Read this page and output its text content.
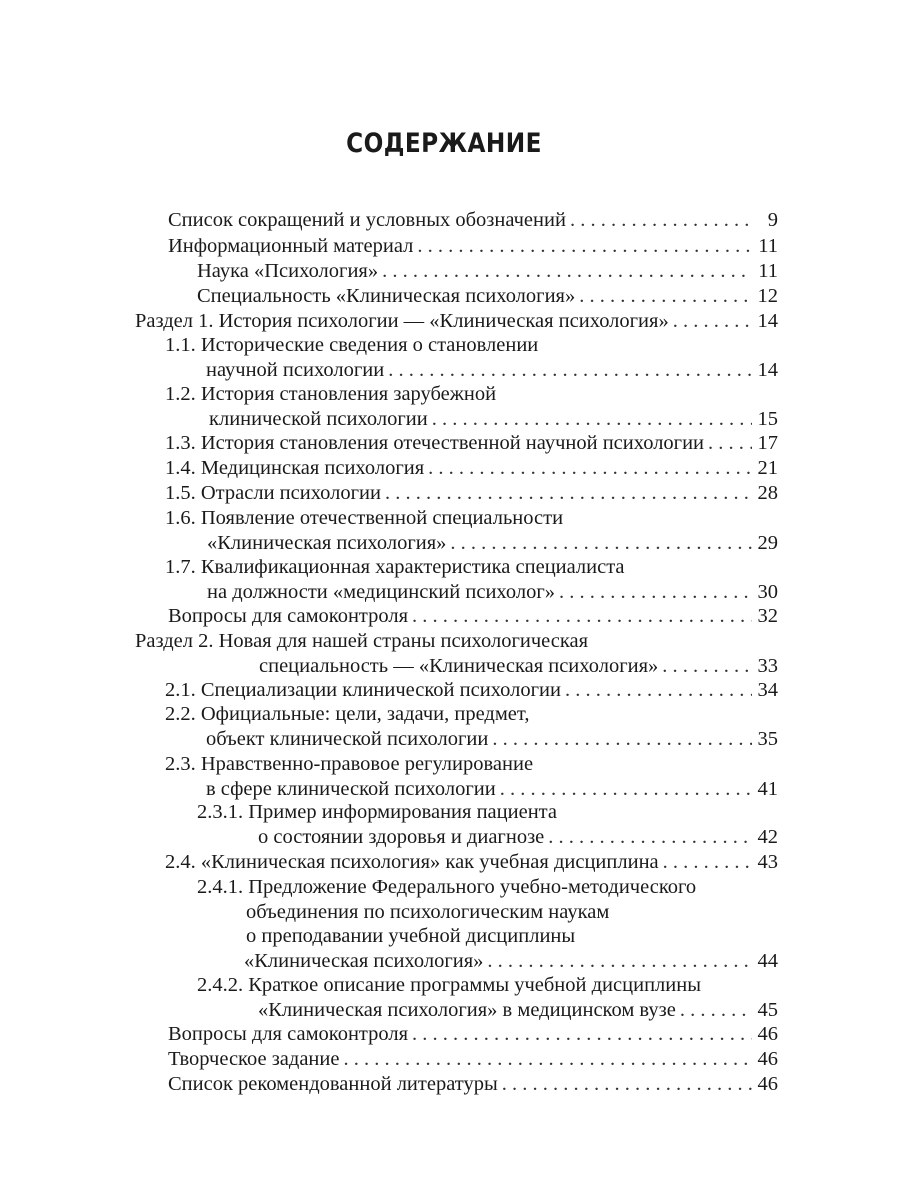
СОДЕРЖАНИЕ
Список сокращений и условных обозначений . . .	9
Информационный материал . . .	11
Наука «Психология» . . .	11
Специальность «Клиническая психология» . . .	12
Раздел 1. История психологии — «Клиническая психология» . . .	14
1.1. Исторические сведения о становлении
научной психологии . . .	14
1.2. История становления зарубежной
клинической психологии . . .	15
1.3. История становления отечественной научной психологии . . .	17
1.4. Медицинская психология . . .	21
1.5. Отрасли психологии . . .	28
1.6. Появление отечественной специальности
«Клиническая психология» . . .	29
1.7. Квалификационная характеристика специалиста
на должности «медицинский психолог» . . .	30
Вопросы для самоконтроля . . .	32
Раздел 2. Новая для нашей страны психологическая
специальность — «Клиническая психология» . . .	33
2.1. Специализации клинической психологии . . .	34
2.2. Официальные: цели, задачи, предмет,
объект клинической психологии . . .	35
2.3. Нравственно-правовое регулирование
в сфере клинической психологии . . .	41
2.3.1. Пример информирования пациента
о состоянии здоровья и диагнозе . . .	42
2.4. «Клиническая психология» как учебная дисциплина . . .	43
2.4.1. Предложение Федерального учебно-методического
объединения по психологическим наукам
о преподавании учебной дисциплины
«Клиническая психология» . . .	44
2.4.2. Краткое описание программы учебной дисциплины
«Клиническая психология» в медицинском вузе . . .	45
Вопросы для самоконтроля . . .	46
Творческое задание . . .	46
Список рекомендованной литературы . . .	46
